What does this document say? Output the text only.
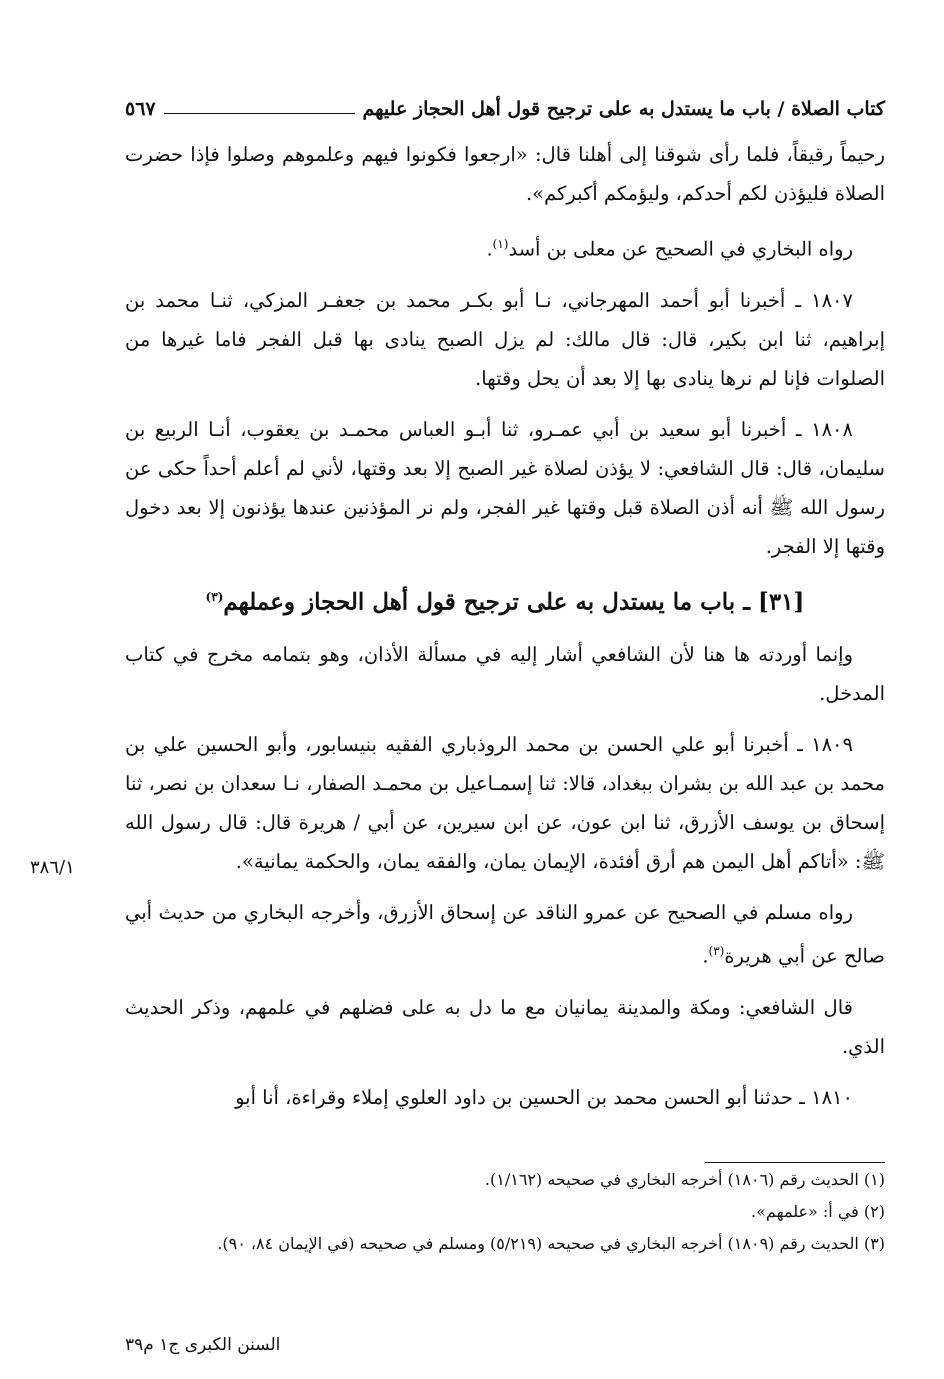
كتاب الصلاة / باب ما يستدل به على ترجيح قول أهل الحجاز عليهم
٥٦٧

رحيماً رقيقاً، فلما رأى شوقنا إلى أهلنا قال: «ارجعوا فكونوا فيهم وعلموهم وصلوا فإذا حضرت الصلاة فليؤذن لكم أحدكم، وليؤمكم أكبركم».

رواه البخاري في الصحيح عن معلى بن أسد$^{(١)}$.

١٨٠٧ ـ أخبرنا أبو أحمد المهرجاني، نـا أبو بكـر محمد بن جعفـر المزكي، ثنـا محمد بن إبراهيم، ثنا ابن بكير، قال: قال مالك: لم يزل الصبح ينادى بها قبل الفجر فاما غيرها من الصلوات فإنا لم نرها ينادى بها إلا بعد أن يحل وقتها.

١٨٠٨ ـ أخبرنا أبو سعيد بن أبي عمـرو، ثنا أبـو العباس محمـد بن يعقوب، أنـا الربيع بن سليمان، قال: قال الشافعي: لا يؤذن لصلاة غير الصبح إلا بعد وقتها، لأني لم أعلم أحداً حكى عن رسول الله ﷺ أنه أذن الصلاة قبل وقتها غير الفجر، ولم نر المؤذنين عندها يؤذنون إلا بعد دخول وقتها إلا الفجر.

[٣١] ـ باب ما يستدل به على ترجيح قول أهل الحجاز وعملهم$^{(٣)}$

وإنما أوردته ها هنا لأن الشافعي أشار إليه في مسألة الأذان، وهو بتمامه مخرج في كتاب المدخل.

١٨٠٩ ـ أخبرنا أبو علي الحسن بن محمد الروذباري الفقيه بنيسابور، وأبو الحسين علي بن محمد بن عبد الله بن بشران ببغداد، قالا: ثنا إسمـاعيل بن محمـد الصفار، نـا سعدان بن نصر، ثنا إسحاق بن يوسف الأزرق، ثنا ابن عون، عن ابن سيرين، عن أبي / هريرة قال: قال رسول الله ﷺ: «أتاكم أهل اليمن هم أرق أفئدة، الإيمان يمان، والفقه يمان، والحكمة يمانية».

رواه مسلم في الصحيح عن عمرو الناقد عن إسحاق الأزرق، وأخرجه البخاري من حديث أبي صالح عن أبي هريرة$^{(٣)}$.

قال الشافعي: ومكة والمدينة يمانيان مع ما دل به على فضلهم في علمهم، وذكر الحديث الذي.

١٨١٠ ـ حدثنا أبو الحسن محمد بن الحسين بن داود العلوي إملاء وقراءة، أنا أبو

٣٨٦/١

(١) الحديث رقم (١٨٠٦) أخرجه البخاري في صحيحه (١/١٦٢).

(٢) في أ: «علمهم».

(٣) الحديث رقم (١٨٠٩) أخرجه البخاري في صحيحه (٥/٢١٩) ومسلم في صحيحه (في الإيمان ٨٤، ٩٠).

السنن الكبرى ج١ م٣٩
